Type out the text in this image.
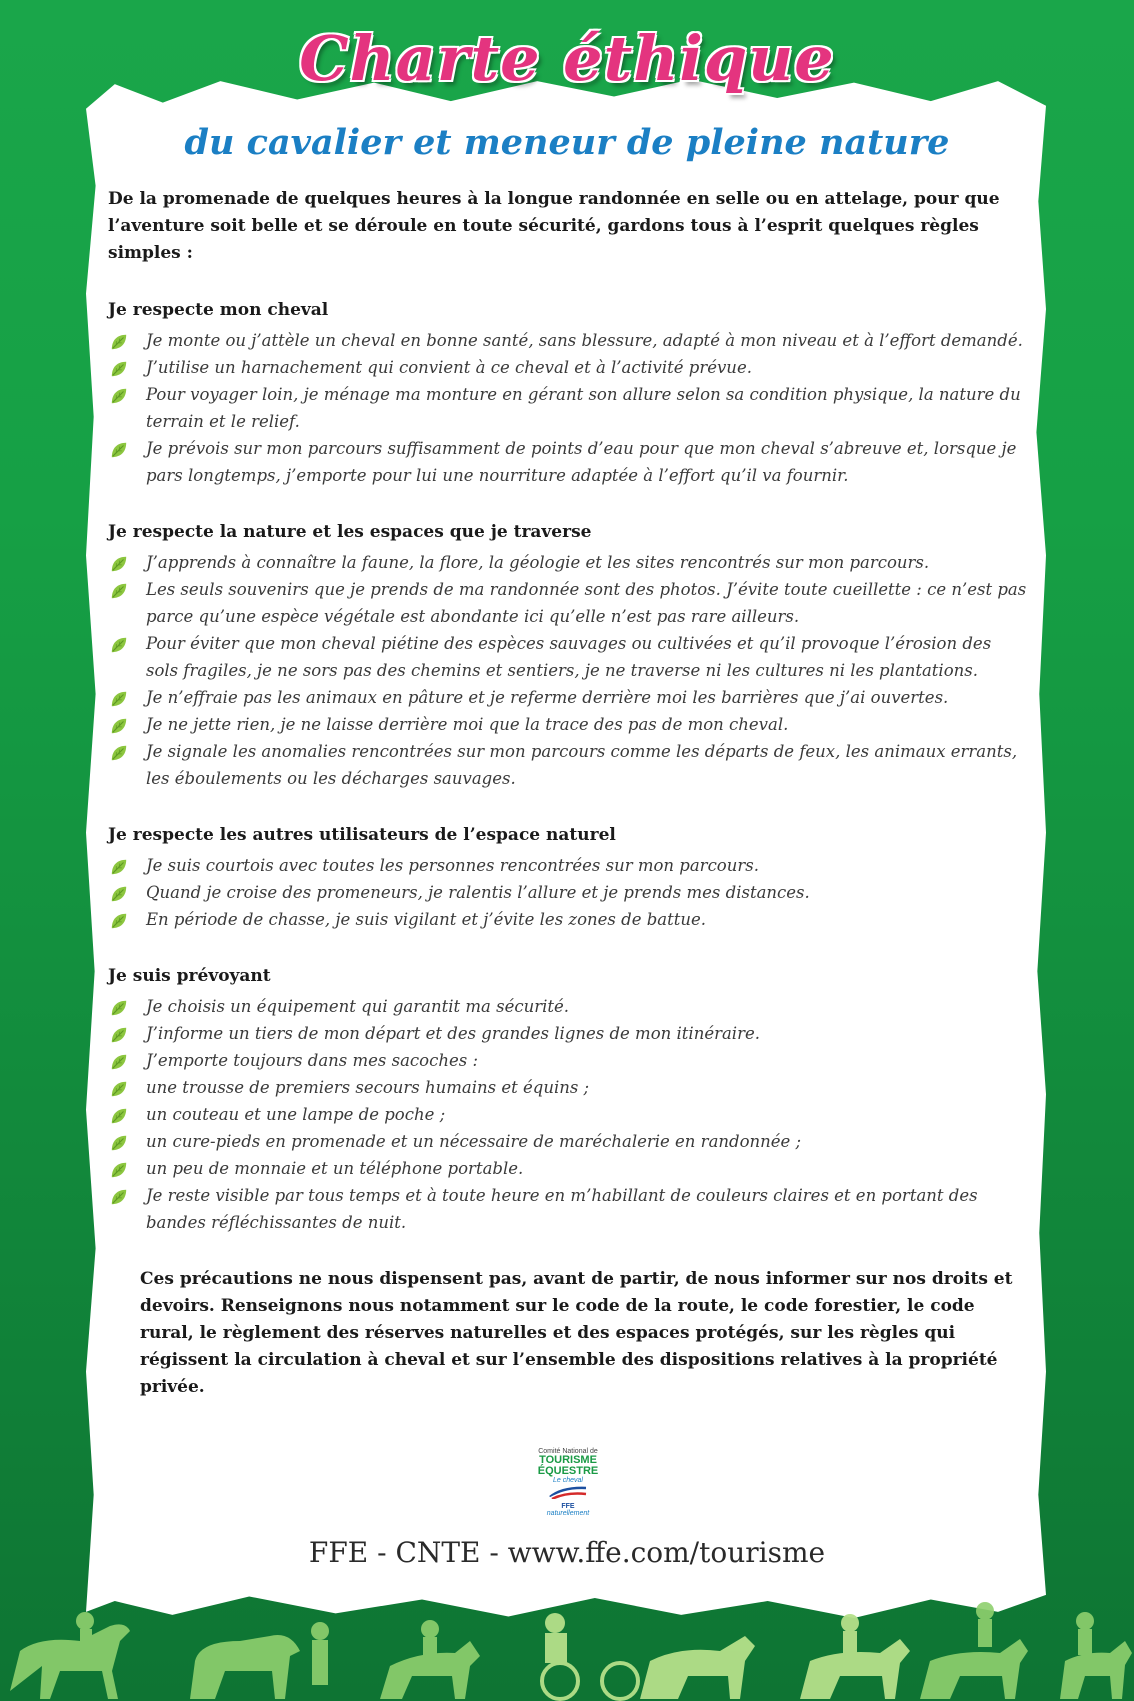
Charte éthique
du cavalier et meneur de pleine nature

De la promenade de quelques heures à la longue randonnée en selle ou en attelage, pour que l’aventure soit belle et se déroule en toute sécurité, gardons tous à l’esprit quelques règles simples :

Je respecte mon cheval
Je monte ou j’attèle un cheval en bonne santé, sans blessure, adapté à mon niveau et à l’effort demandé.
J’utilise un harnachement qui convient à ce cheval et à l’activité prévue.
Pour voyager loin, je ménage ma monture en gérant son allure selon sa condition physique, la nature du terrain et le relief.
Je prévois sur mon parcours suffisamment de points d’eau pour que mon cheval s’abreuve et, lorsque je pars longtemps, j’emporte pour lui une nourriture adaptée à l’effort qu’il va fournir.
Je respecte la nature et les espaces que je traverse
J’apprends à connaître la faune, la flore, la géologie et les sites rencontrés sur mon parcours.
Les seuls souvenirs que je prends de ma randonnée sont des photos. J’évite toute cueillette : ce n’est pas parce qu’une espèce végétale est abondante ici qu’elle n’est pas rare ailleurs.
Pour éviter que mon cheval piétine des espèces sauvages ou cultivées et qu’il provoque l’érosion des sols fragiles, je ne sors pas des chemins et sentiers, je ne traverse ni les cultures ni les plantations.
Je n’effraie pas les animaux en pâture et je referme derrière moi les barrières que j’ai ouvertes.
Je ne jette rien, je ne laisse derrière moi que la trace des pas de mon cheval.
Je signale les anomalies rencontrées sur mon parcours comme les départs de feux, les animaux errants, les éboulements ou les décharges sauvages.
Je respecte les autres utilisateurs de l’espace naturel
Je suis courtois avec toutes les personnes rencontrées sur mon parcours.
Quand je croise des promeneurs, je ralentis l’allure et je prends mes distances.
En période de chasse, je suis vigilant et j’évite les zones de battue.
Je suis prévoyant
Je choisis un équipement qui garantit ma sécurité.
J’informe un tiers de mon départ et des grandes lignes de mon itinéraire.
J’emporte toujours dans mes sacoches :
une trousse de premiers secours humains et équins ;
un couteau et une lampe de poche ;
un cure-pieds en promenade et un nécessaire de maréchalerie en randonnée ;
un peu de monnaie et un téléphone portable.
Je reste visible par tous temps et à toute heure en m’habillant de couleurs claires et en portant des bandes réfléchissantes de nuit.

Ces précautions ne nous dispensent pas, avant de partir, de nous informer sur nos droits et devoirs. Renseignons nous notamment sur le code de la route, le code forestier, le code rural, le règlement des réserves naturelles et des espaces protégés, sur les règles qui régissent la circulation à cheval et sur l’ensemble des dispositions relatives à la propriété privée.

Comité National de
TOURISME
ÉQUESTRE
Le cheval
FFE
naturellement

FFE - CNTE - www.ffe.com/tourisme
